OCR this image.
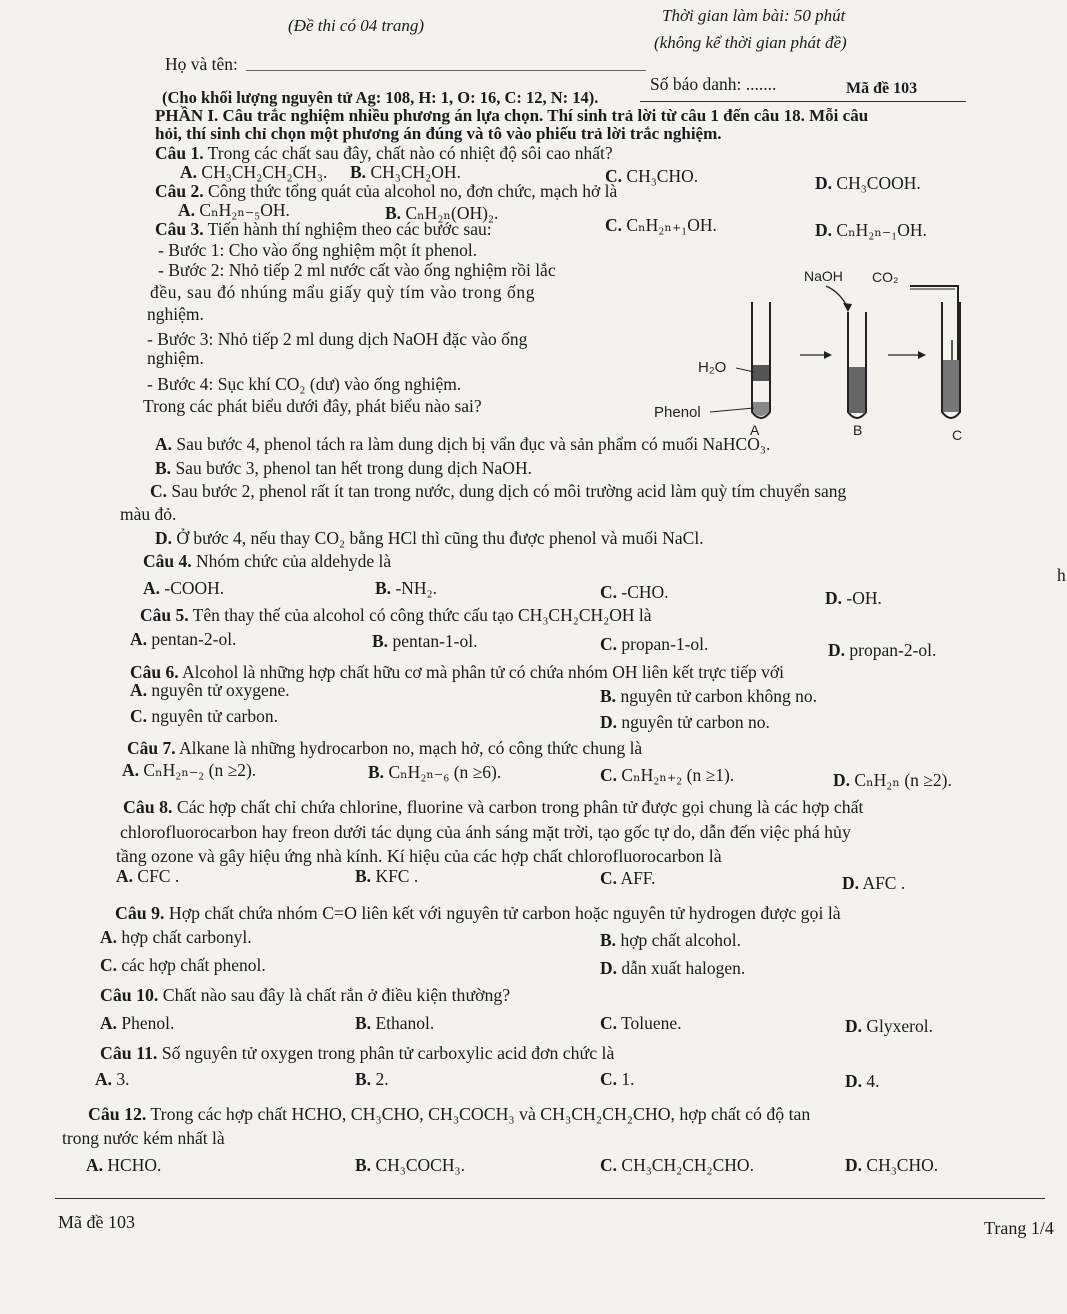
(Đề thi có 04 trang)
Thời gian làm bài: 50 phút
(không kể thời gian phát đề)
Họ và tên:
Số báo danh: .......	Mã đề 103
(Cho khối lượng nguyên tử Ag: 108, H: 1, O: 16, C: 12, N: 14).
PHẦN I. Câu trắc nghiệm nhiều phương án lựa chọn. Thí sinh trả lời từ câu 1 đến câu 18. Mỗi câu
hỏi, thí sinh chỉ chọn một phương án đúng và tô vào phiếu trả lời trắc nghiệm.
Câu 1. Trong các chất sau đây, chất nào có nhiệt độ sôi cao nhất?
A. CH₃CH₂CH₂CH₃. B. CH₃CH₂OH.	C. CH₃CHO.	D. CH₃COOH.
Câu 2. Công thức tổng quát của alcohol no, đơn chức, mạch hở là
A. CₙH₂ₙ₋₅OH.	B. CₙH₂ₙ(OH)₂.
C. CₙH₂ₙ₊₁OH.	D. CₙH₂ₙ₋₁OH.
Câu 3. Tiến hành thí nghiệm theo các bước sau:
- Bước 1: Cho vào ống nghiệm một ít phenol.
- Bước 2: Nhỏ tiếp 2 ml nước cất vào ống nghiệm rồi lắc
đều, sau đó nhúng mẩu giấy quỳ tím vào trong ống
nghiệm.
- Bước 3: Nhỏ tiếp 2 ml dung dịch NaOH đặc vào ống
nghiệm.
- Bước 4: Sục khí CO₂ (dư) vào ống nghiệm.
Trong các phát biểu dưới đây, phát biểu nào sai?
NaOH CO₂
H₂O
Phenol
A	B	C
A. Sau bước 4, phenol tách ra làm dung dịch bị vẩn đục và sản phẩm có muối NaHCO₃.
B. Sau bước 3, phenol tan hết trong dung dịch NaOH.
C. Sau bước 2, phenol rất ít tan trong nước, dung dịch có môi trường acid làm quỳ tím chuyển sang
màu đỏ.
D. Ở bước 4, nếu thay CO₂ bằng HCl thì cũng thu được phenol và muối NaCl.
Câu 4. Nhóm chức của aldehyde là
h
A. -COOH.	B. -NH₂.	C. -CHO.	D. -OH.
Câu 5. Tên thay thế của alcohol có công thức cấu tạo CH₃CH₂CH₂OH là
A. pentan-2-ol.	B. pentan-1-ol.	C. propan-1-ol.	D. propan-2-ol.
Câu 6. Alcohol là những hợp chất hữu cơ mà phân tử có chứa nhóm OH liên kết trực tiếp với
A. nguyên tử oxygene.	B. nguyên tử carbon không no.
C. nguyên tử carbon.	D. nguyên tử carbon no.
Câu 7. Alkane là những hydrocarbon no, mạch hở, có công thức chung là
A. CₙH₂ₙ₋₂ (n ≥2).	B. CₙH₂ₙ₋₆ (n ≥6).	C. CₙH₂ₙ₊₂ (n ≥1).	D. CₙH₂ₙ (n ≥2).
Câu 8. Các hợp chất chỉ chứa chlorine, fluorine và carbon trong phân tử được gọi chung là các hợp chất
chlorofluorocarbon hay freon dưới tác dụng của ánh sáng mặt trời, tạo gốc tự do, dẫn đến việc phá hủy
tầng ozone và gây hiệu ứng nhà kính. Kí hiệu của các hợp chất chlorofluorocarbon là
A. CFC .	B. KFC .	C. AFF.	D. AFC .
Câu 9. Hợp chất chứa nhóm C=O liên kết với nguyên tử carbon hoặc nguyên tử hydrogen được gọi là
A. hợp chất carbonyl.	B. hợp chất alcohol.
C. các hợp chất phenol.	D. dẫn xuất halogen.
Câu 10. Chất nào sau đây là chất rắn ở điều kiện thường?
A. Phenol.	B. Ethanol.	C. Toluene.	D. Glyxerol.
Câu 11. Số nguyên tử oxygen trong phân tử carboxylic acid đơn chức là
A. 3.	B. 2.	C. 1.	D. 4.
Câu 12. Trong các hợp chất HCHO, CH₃CHO, CH₃COCH₃ và CH₃CH₂CH₂CHO, hợp chất có độ tan
trong nước kém nhất là
A. HCHO.	B. CH₃COCH₃.	C. CH₃CH₂CH₂CHO.	D. CH₃CHO.
Mã đề 103	Trang 1/4
